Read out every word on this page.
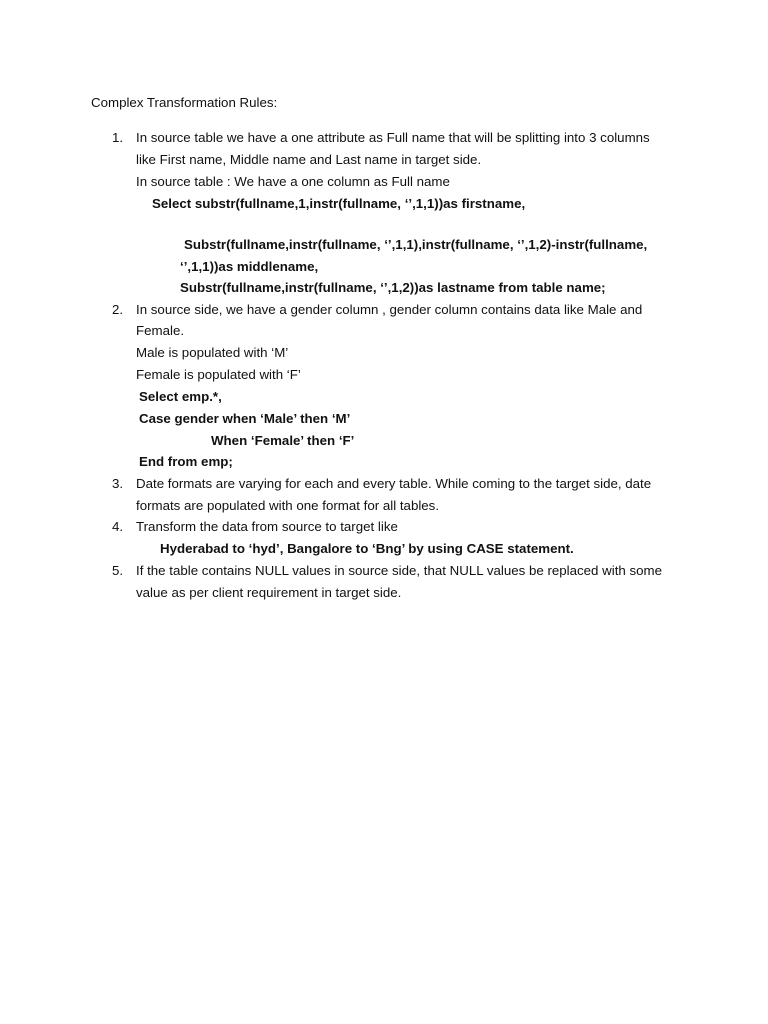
Complex Transformation Rules:
1. In source table we have a one attribute as Full name that will be splitting into 3 columns
like First name, Middle name and Last name in target side.
In source table : We have a one column as Full name
Select substr(fullname,1,instr(fullname, ‘’,1,1))as firstname,
Substr(fullname,instr(fullname, ‘’,1,1),instr(fullname, ‘’,1,2)-instr(fullname,
‘’,1,1))as middlename,
Substr(fullname,instr(fullname, ‘’,1,2))as lastname from table name;
2. In source side, we have a gender column , gender column contains data like Male and
Female.
Male is populated with ‘M’
Female is populated with ‘F’
Select emp.*,
Case gender when ‘Male’ then ‘M’
When ‘Female’ then ‘F’
End from emp;
3. Date formats are varying for each and every table. While coming to the target side, date
formats are populated with one format for all tables.
4. Transform the data from source to target like
Hyderabad to ‘hyd’, Bangalore to ‘Bng’ by using CASE statement.
5. If the table contains NULL values in source side, that NULL values be replaced with some
value as per client requirement in target side.
